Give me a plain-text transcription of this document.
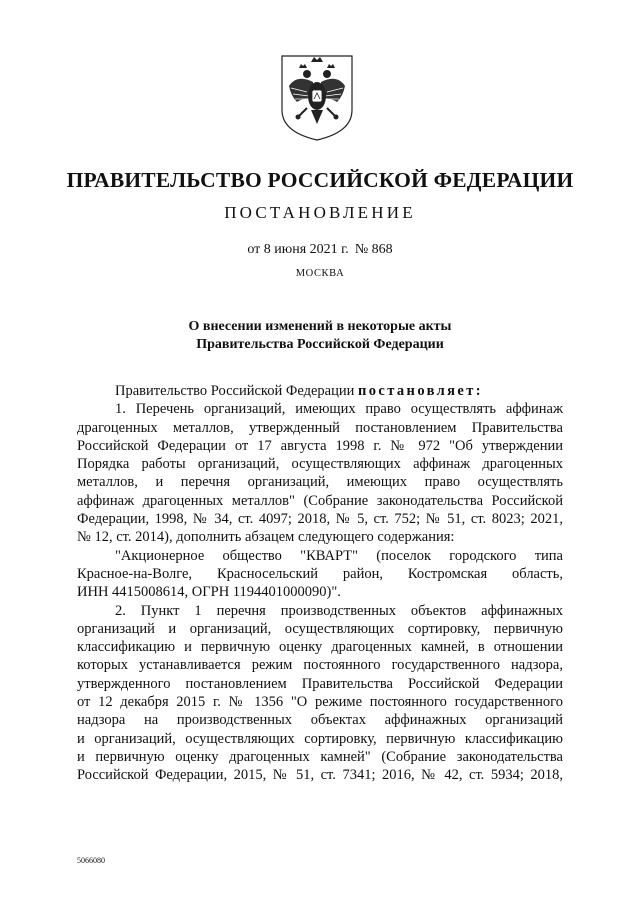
ПРАВИТЕЛЬСТВО РОССИЙСКОЙ ФЕДЕРАЦИИ
ПОСТАНОВЛЕНИЕ
от 8 июня 2021 г. № 868
МОСКВА
О внесении изменений в некоторые акты
Правительства Российской Федерации
Правительство Российской Федерации постановляет:
1. Перечень организаций, имеющих право осуществлять аффинаж
драгоценных металлов, утвержденный постановлением Правительства
Российской Федерации от 17 августа 1998 г. № 972 "Об утверждении
Порядка работы организаций, осуществляющих аффинаж драгоценных
металлов, и перечня организаций, имеющих право осуществлять
аффинаж драгоценных металлов" (Собрание законодательства Российской
Федерации, 1998, № 34, ст. 4097; 2018, № 5, ст. 752; № 51, ст. 8023; 2021,
№ 12, ст. 2014), дополнить абзацем следующего содержания:
"Акционерное общество "КВАРТ" (поселок городского типа
Красное-на-Волге, Красносельский район, Костромская область,
ИНН 4415008614, ОГРН 1194401000090)".
2. Пункт 1 перечня производственных объектов аффинажных
организаций и организаций, осуществляющих сортировку, первичную
классификацию и первичную оценку драгоценных камней, в отношении
которых устанавливается режим постоянного государственного надзора,
утвержденного постановлением Правительства Российской Федерации
от 12 декабря 2015 г. № 1356 "О режиме постоянного государственного
надзора на производственных объектах аффинажных организаций
и организаций, осуществляющих сортировку, первичную классификацию
и первичную оценку драгоценных камней" (Собрание законодательства
Российской Федерации, 2015, № 51, ст. 7341; 2016, № 42, ст. 5934; 2018,
5066080
